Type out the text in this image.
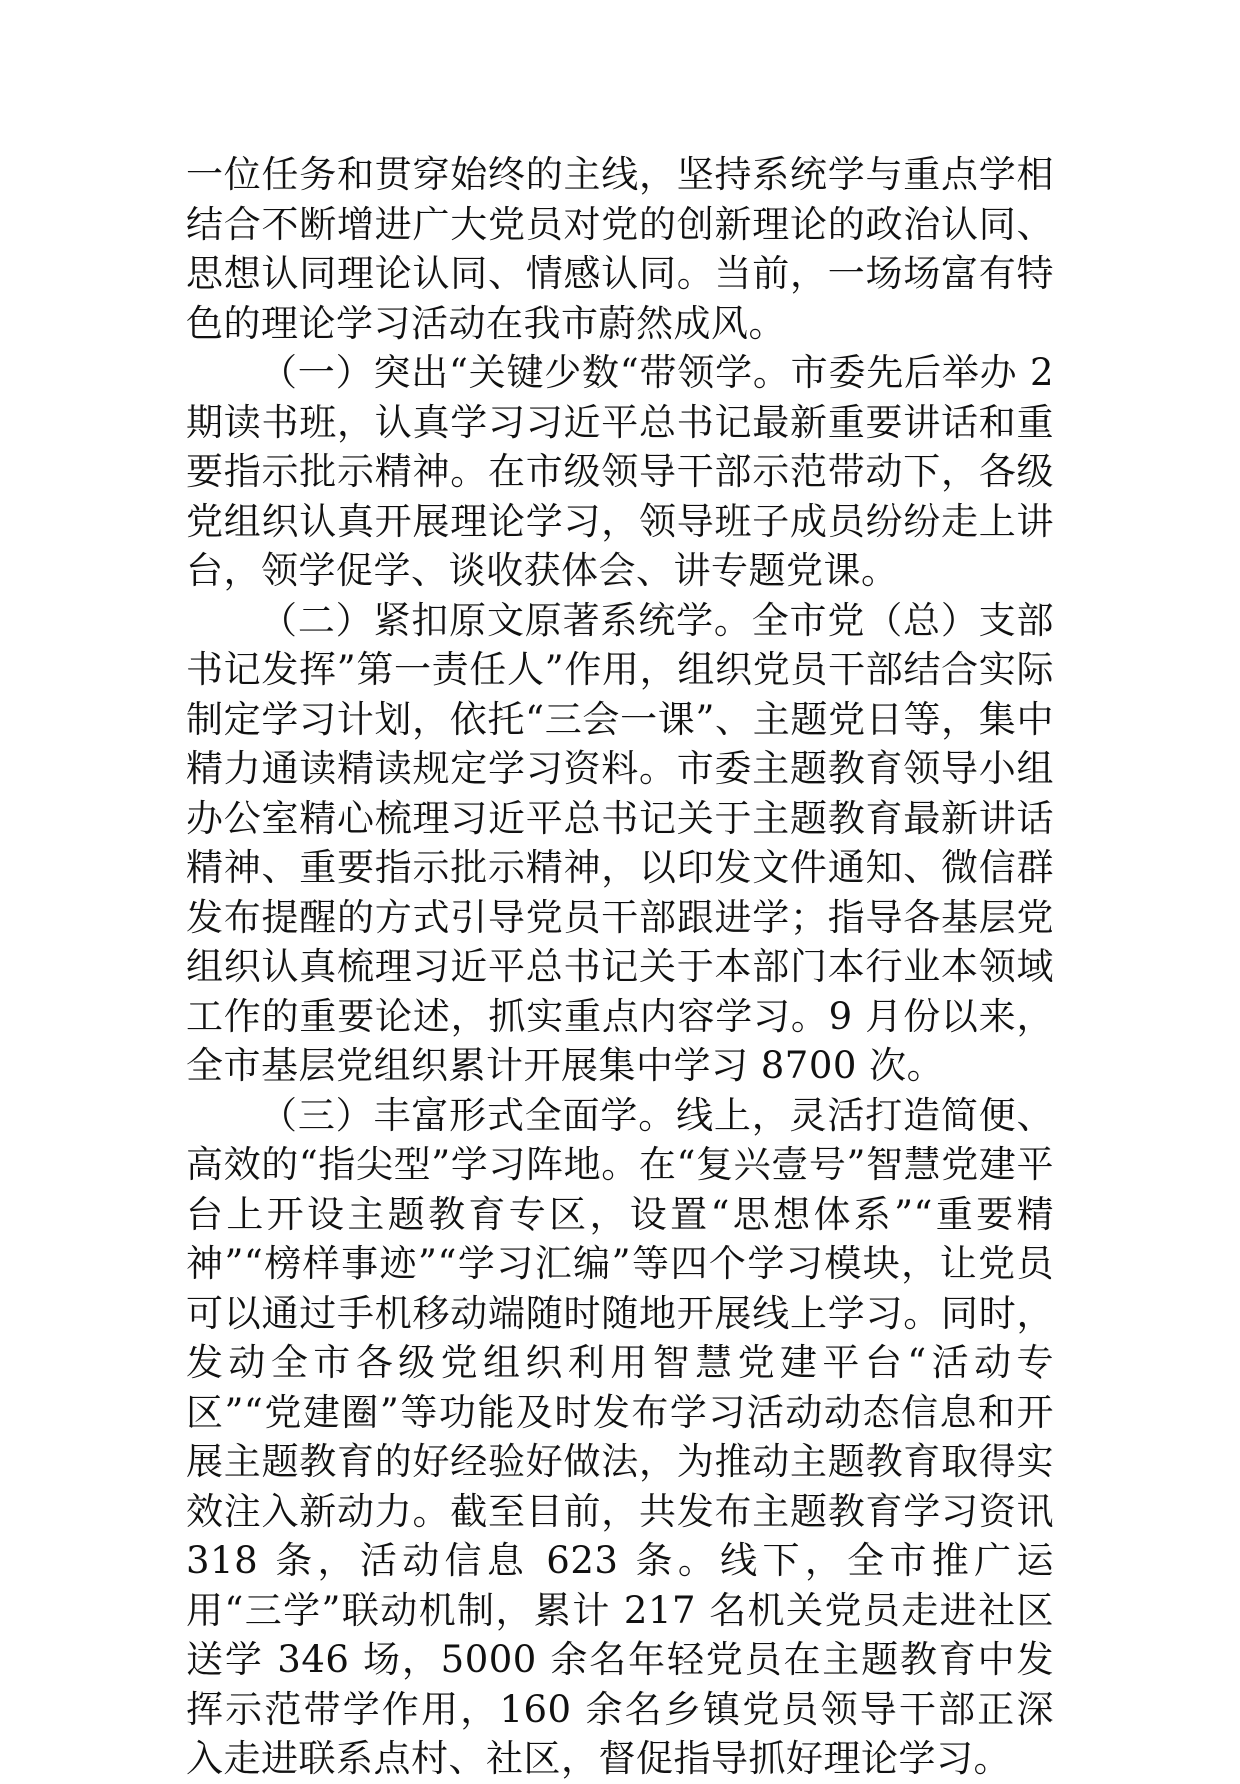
一位任务和贯穿始终的主线，坚持系统学与重点学相结合不断增进广大党员对党的创新理论的政治认同、思想认同理论认同、情感认同。当前，一场场富有特色的理论学习活动在我市蔚然成风。

（一）突出“关键少数“带领学。市委先后举办 2 期读书班，认真学习习近平总书记最新重要讲话和重要指示批示精神。在市级领导干部示范带动下，各级党组织认真开展理论学习，领导班子成员纷纷走上讲台，领学促学、谈收获体会、讲专题党课。

（二）紧扣原文原著系统学。全市党（总）支部书记发挥”第一责任人”作用，组织党员干部结合实际制定学习计划，依托“三会一课”、主题党日等，集中精力通读精读规定学习资料。市委主题教育领导小组办公室精心梳理习近平总书记关于主题教育最新讲话精神、重要指示批示精神，以印发文件通知、微信群发布提醒的方式引导党员干部跟进学；指导各基层党组织认真梳理习近平总书记关于本部门本行业本领域工作的重要论述，抓实重点内容学习。9 月份以来，全市基层党组织累计开展集中学习 8700 次。

（三）丰富形式全面学。线上，灵活打造简便、高效的“指尖型”学习阵地。在“复兴壹号”智慧党建平台上开设主题教育专区，设置“思想体系”“重要精神”“榜样事迹”“学习汇编”等四个学习模块，让党员可以通过手机移动端随时随地开展线上学习。同时，发动全市各级党组织利用智慧党建平台“活动专区”“党建圈”等功能及时发布学习活动动态信息和开展主题教育的好经验好做法，为推动主题教育取得实效注入新动力。截至目前，共发布主题教育学习资讯 318 条，活动信息 623 条。线下，全市推广运用“三学”联动机制，累计 217 名机关党员走进社区送学 346 场，5000 余名年轻党员在主题教育中发挥示范带学作用，160 余名乡镇党员领导干部正深入走进联系点村、社区，督促指导抓好理论学习。
